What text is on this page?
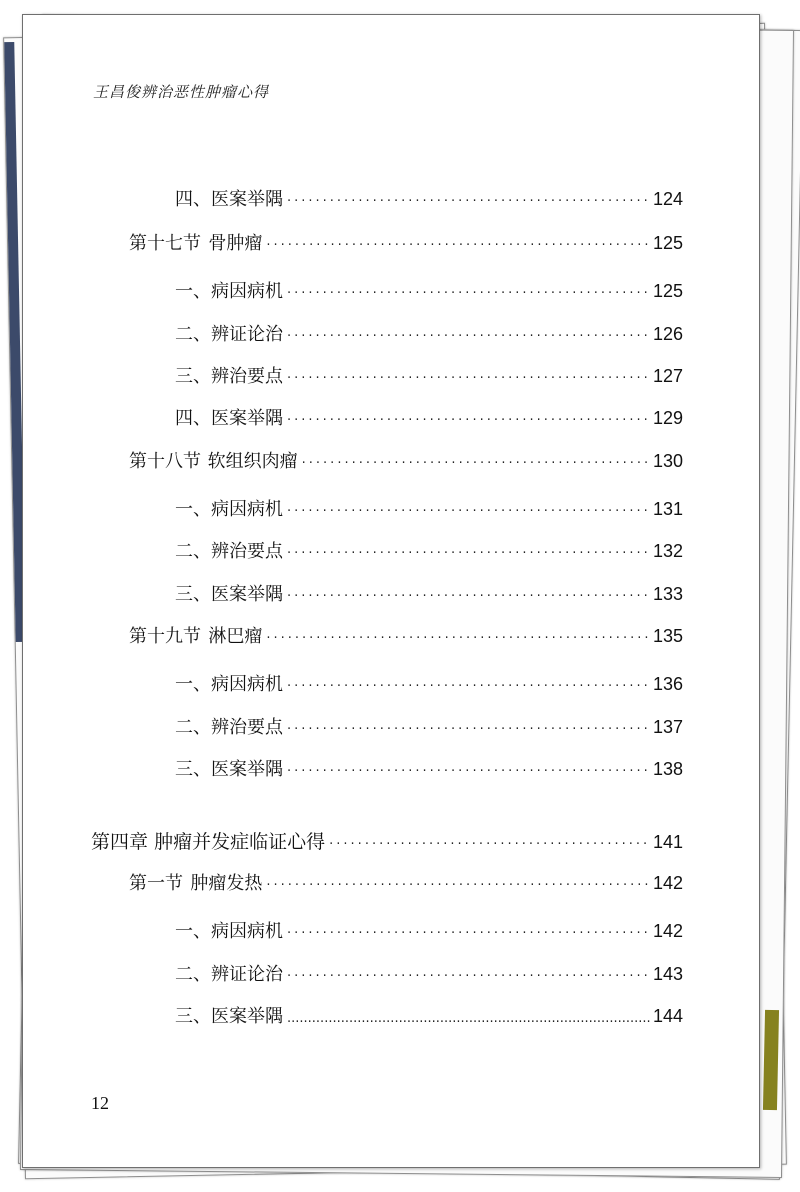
王昌俊辨治恶性肿瘤心得
四、医案举隅 ·····	124
第十七节 骨肿瘤 ·····	125
一、病因病机 ·····	125
二、辨证论治 ·····	126
三、辨治要点 ·····	127
四、医案举隅 ·····	129
第十八节 软组织肉瘤 ·····	130
一、病因病机 ·····	131
二、辨治要点 ·····	132
三、医案举隅 ·····	133
第十九节 淋巴瘤 ·····	135
一、病因病机 ·····	136
二、辨治要点 ·····	137
三、医案举隅 ·····	138
第四章 肿瘤并发症临证心得 ·····	141
第一节 肿瘤发热 ·····	142
一、病因病机 ·····	142
二、辨证论治 ·····	143
三、医案举隅 .....	144
12
